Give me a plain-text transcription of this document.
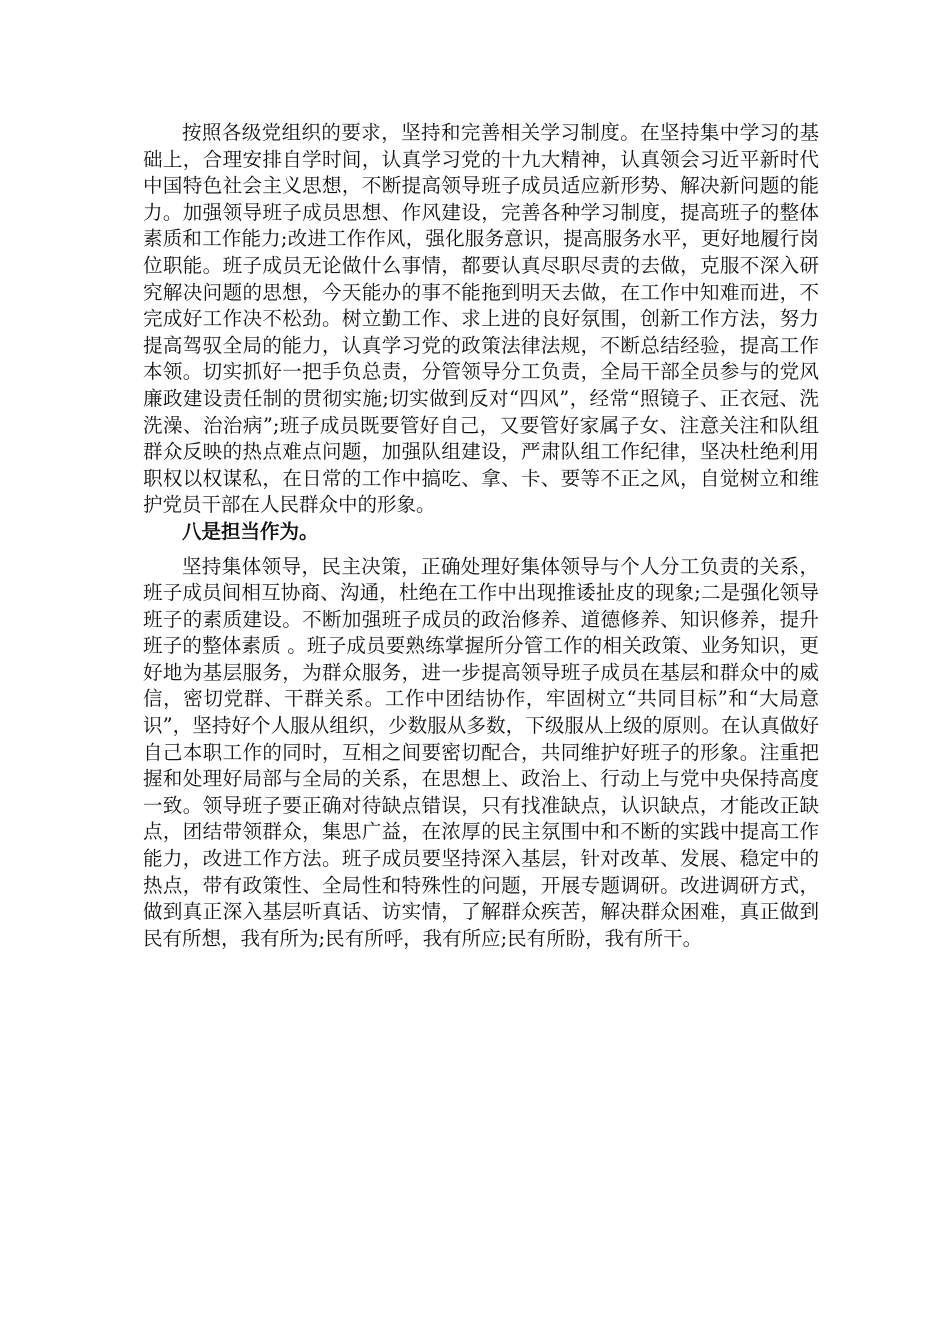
按照各级党组织的要求，坚持和完善相关学习制度。在坚持集中学习的基础上，合理安排自学时间，认真学习党的十九大精神，认真领会习近平新时代中国特色社会主义思想，不断提高领导班子成员适应新形势、解决新问题的能力。加强领导班子成员思想、作风建设，完善各种学习制度，提高班子的整体素质和工作能力;改进工作作风，强化服务意识，提高服务水平，更好地履行岗位职能。班子成员无论做什么事情，都要认真尽职尽责的去做，克服不深入研究解决问题的思想，今天能办的事不能拖到明天去做，在工作中知难而进，不完成好工作决不松劲。树立勤工作、求上进的良好氛围，创新工作方法，努力提高驾驭全局的能力，认真学习党的政策法律法规，不断总结经验，提高工作本领。切实抓好一把手负总责，分管领导分工负责，全局干部全员参与的党风廉政建设责任制的贯彻实施;切实做到反对“四风”，经常“照镜子、正衣冠、洗洗澡、治治病”;班子成员既要管好自己，又要管好家属子女、注意关注和队组群众反映的热点难点问题，加强队组建设，严肃队组工作纪律，坚决杜绝利用职权以权谋私，在日常的工作中搞吃、拿、卡、要等不正之风，自觉树立和维护党员干部在人民群众中的形象。

八是担当作为。

坚持集体领导，民主决策，正确处理好集体领导与个人分工负责的关系，班子成员间相互协商、沟通，杜绝在工作中出现推诿扯皮的现象;二是强化领导班子的素质建设。不断加强班子成员的政治修养、道德修养、知识修养，提升班子的整体素质 。班子成员要熟练掌握所分管工作的相关政策、业务知识，更好地为基层服务，为群众服务，进一步提高领导班子成员在基层和群众中的威信，密切党群、干群关系。工作中团结协作，牢固树立“共同目标”和“大局意识”，坚持好个人服从组织，少数服从多数，下级服从上级的原则。在认真做好自己本职工作的同时，互相之间要密切配合，共同维护好班子的形象。注重把握和处理好局部与全局的关系，在思想上、政治上、行动上与党中央保持高度一致。领导班子要正确对待缺点错误，只有找准缺点，认识缺点，才能改正缺点，团结带领群众，集思广益，在浓厚的民主氛围中和不断的实践中提高工作能力，改进工作方法。班子成员要坚持深入基层，针对改革、发展、稳定中的热点，带有政策性、全局性和特殊性的问题，开展专题调研。改进调研方式，做到真正深入基层听真话、访实情，了解群众疾苦，解决群众困难，真正做到民有所想，我有所为;民有所呼，我有所应;民有所盼，我有所干。
